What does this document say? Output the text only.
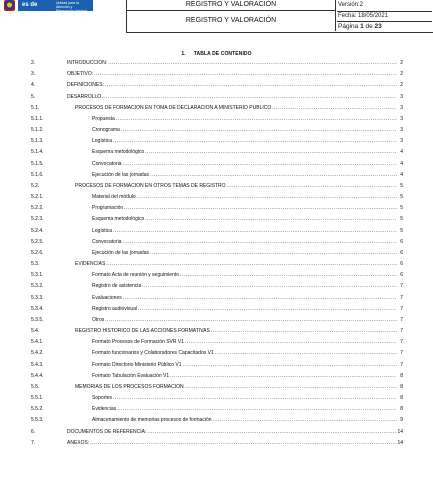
es de todos
Unidad para la Atención y Reparación Integral a las víctimas
REGISTRO Y VALORACIÓN
REGISTRO Y VALORACIÓN
Versión:2
Fecha: 18/05/2021
Página 1 de 23
1. TABLA DE CONTENIDO
2.	INTRODUCCION: .....	2
3.	OBJETIVO: .....	2
4.	DEFINICIONES: .....	2
5.	DESARROLLO .....	3
5.1.	PROCESOS DE FORMACIÓN EN TOMA DE DECLARACIÓN A MINISTERIO PÚBLICO .....	3
5.1.1.	Propuesta .....	3
5.1.2.	Cronograma .....	3
5.1.3.	Logística .....	3
5.1.4.	Esquema metodológico .....	4
5.1.5.	Convocatoria .....	4
5.1.6.	Ejecución de las jornadas .....	4
5.2.	PROCESOS DE FORMACIÓN EN OTROS TEMAS DE REGISTRO .....	5
5.2.1.	Material del módulo .....	5
5.2.2.	Programación .....	5
5.2.3.	Esquema metodológico .....	5
5.2.4.	Logística .....	5
5.2.5.	Convocatoria .....	6
5.2.6.	Ejecución de las jornadas .....	6
5.3.	EVIDENCIAS .....	6
5.3.1.	Formato Acta de reunión y seguimiento .....	6
5.3.2.	Registro de asistencia .....	7
5.3.3.	Evaluaciones .....	7
5.3.4.	Registro audiovisual .....	7
5.3.5.	Otros .....	7
5.4.	REGISTRO HISTÓRICO DE LAS ACCIONES FORMATIVAS .....	7
5.4.1.	Formato Procesos de Formación SVR V1 .....	7
5.4.2.	Formato funcionarios y Colaboradores Capacitados V1 .....	7
5.4.3.	Formato Directorio Ministerio Público V1 .....	7
5.4.4.	Formato Tabulación Evaluación V1 .....	8
5.5.	MEMORIAS DE LOS PROCESOS FORMACIÓN .....	8
5.5.1.	Soportes .....	8
5.5.2.	Evidencias .....	8
5.5.3.	Almacenamiento de memorias procesos de formación .....	9
6.	DOCUMENTOS DE REFERENCIA: .....	14
7.	ANEXOS: .....	14
